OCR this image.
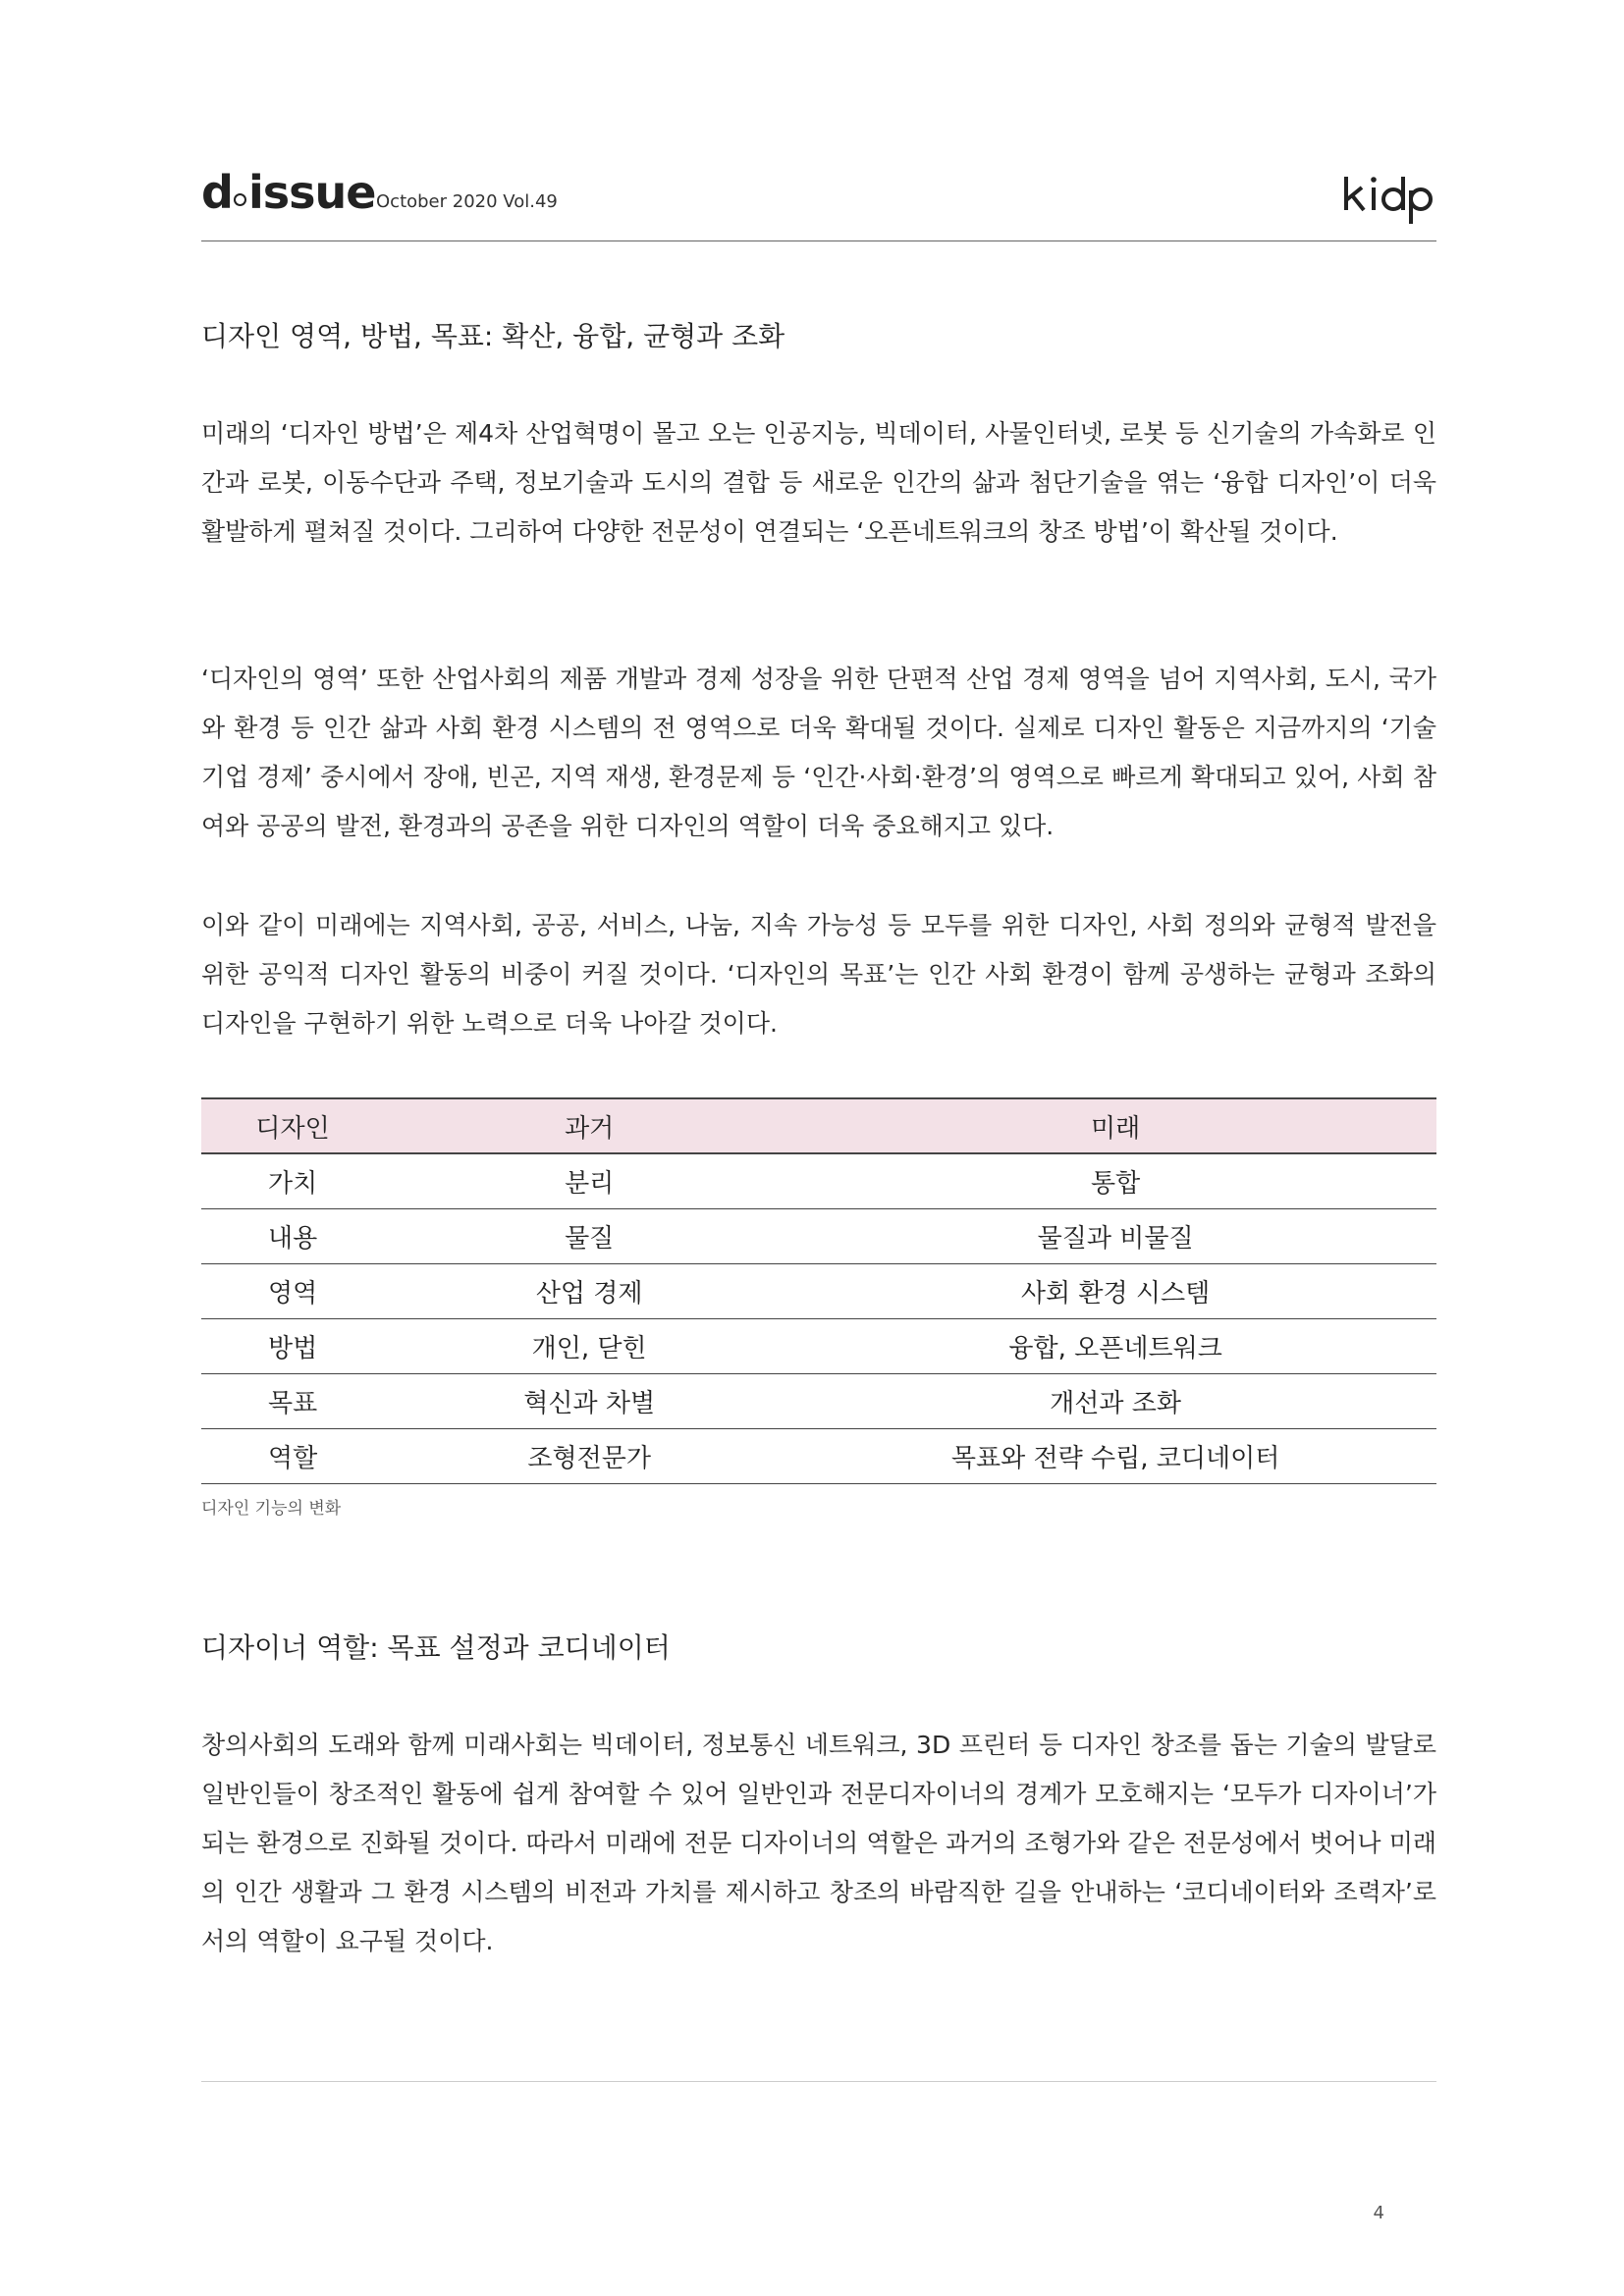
d issue October 2020 Vol.49
디자인 영역, 방법, 목표: 확산, 융합, 균형과 조화

미래의 ‘디자인 방법’은 제4차 산업혁명이 몰고 오는 인공지능, 빅데이터, 사물인터넷, 로봇 등 신기술의 가속화로 인간과 로봇, 이동수단과 주택, 정보기술과 도시의 결합 등 새로운 인간의 삶과 첨단기술을 엮는 ‘융합 디자인’이 더욱 활발하게 펼쳐질 것이다. 그리하여 다양한 전문성이 연결되는 ‘오픈네트워크의 창조 방법’이 확산될 것이다.

‘디자인의 영역’ 또한 산업사회의 제품 개발과 경제 성장을 위한 단편적 산업 경제 영역을 넘어 지역사회, 도시, 국가와 환경 등 인간 삶과 사회 환경 시스템의 전 영역으로 더욱 확대될 것이다. 실제로 디자인 활동은 지금까지의 ‘기술 기업 경제’ 중시에서 장애, 빈곤, 지역 재생, 환경문제 등 ‘인간·사회·환경’의 영역으로 빠르게 확대되고 있어, 사회 참여와 공공의 발전, 환경과의 공존을 위한 디자인의 역할이 더욱 중요해지고 있다.

이와 같이 미래에는 지역사회, 공공, 서비스, 나눔, 지속 가능성 등 모두를 위한 디자인, 사회 정의와 균형적 발전을 위한 공익적 디자인 활동의 비중이 커질 것이다. ‘디자인의 목표’는 인간 사회 환경이 함께 공생하는 균형과 조화의 디자인을 구현하기 위한 노력으로 더욱 나아갈 것이다.

디자인	과거	미래
가치	분리	통합
내용	물질	물질과 비물질
영역	산업 경제	사회 환경 시스템
방법	개인, 닫힌	융합, 오픈네트워크
목표	혁신과 차별	개선과 조화
역할	조형전문가	목표와 전략 수립, 코디네이터
디자인 기능의 변화
디자이너 역할: 목표 설정과 코디네이터

창의사회의 도래와 함께 미래사회는 빅데이터, 정보통신 네트워크, 3D 프린터 등 디자인 창조를 돕는 기술의 발달로 일반인들이 창조적인 활동에 쉽게 참여할 수 있어 일반인과 전문디자이너의 경계가 모호해지는 ‘모두가 디자이너’가 되는 환경으로 진화될 것이다. 따라서 미래에 전문 디자이너의 역할은 과거의 조형가와 같은 전문성에서 벗어나 미래의 인간 생활과 그 환경 시스템의 비전과 가치를 제시하고 창조의 바람직한 길을 안내하는 ‘코디네이터와 조력자’로서의 역할이 요구될 것이다.

4
